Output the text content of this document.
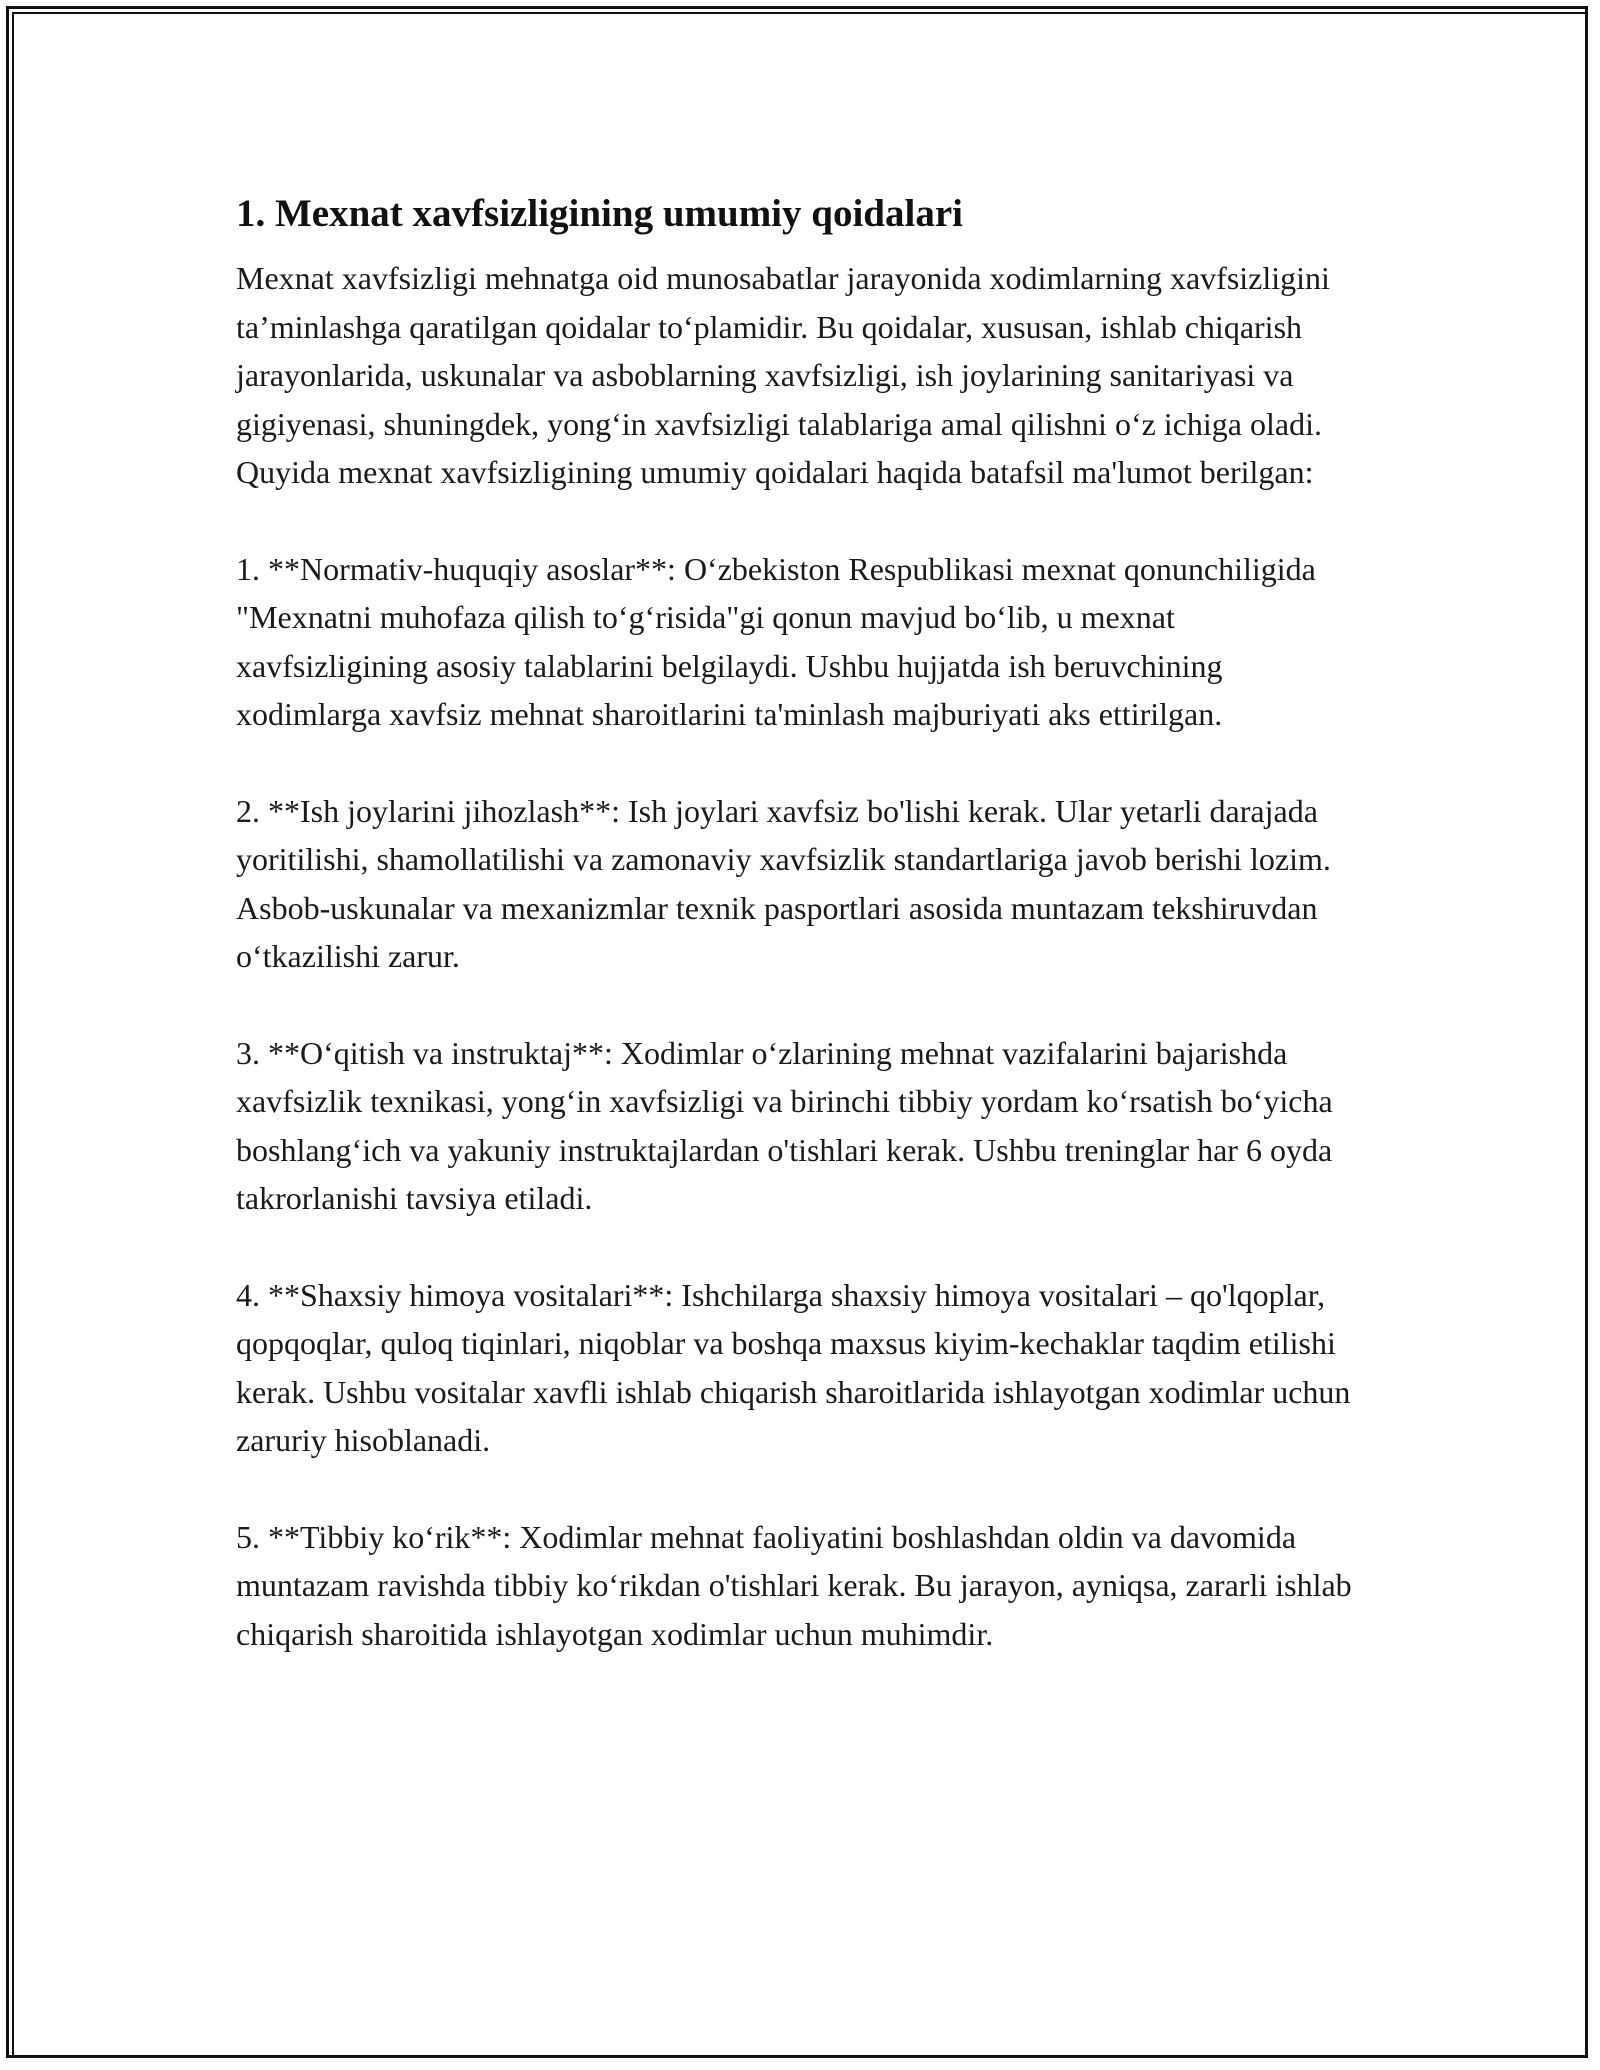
1. Mexnat xavfsizligining umumiy qoidalari

Mexnat xavfsizligi mehnatga oid munosabatlar jarayonida xodimlarning xavfsizligini ta’minlashga qaratilgan qoidalar to‘plamidir. Bu qoidalar, xususan, ishlab chiqarish jarayonlarida, uskunalar va asboblarning xavfsizligi, ish joylarining sanitariyasi va gigiyenasi, shuningdek, yong‘in xavfsizligi talablariga amal qilishni o‘z ichiga oladi. Quyida mexnat xavfsizligining umumiy qoidalari haqida batafsil ma'lumot berilgan:

1. **Normativ-huquqiy asoslar**: O‘zbekiston Respublikasi mexnat qonunchiligida "Mexnatni muhofaza qilish to‘g‘risida"gi qonun mavjud bo‘lib, u mexnat xavfsizligining asosiy talablarini belgilaydi. Ushbu hujjatda ish beruvchining xodimlarga xavfsiz mehnat sharoitlarini ta'minlash majburiyati aks ettirilgan.

2. **Ish joylarini jihozlash**: Ish joylari xavfsiz bo'lishi kerak. Ular yetarli darajada yoritilishi, shamollatilishi va zamonaviy xavfsizlik standartlariga javob berishi lozim. Asbob-uskunalar va mexanizmlar texnik pasportlari asosida muntazam tekshiruvdan o‘tkazilishi zarur.

3. **O‘qitish va instruktaj**: Xodimlar o‘zlarining mehnat vazifalarini bajarishda xavfsizlik texnikasi, yong‘in xavfsizligi va birinchi tibbiy yordam ko‘rsatish bo‘yicha boshlang‘ich va yakuniy instruktajlardan o'tishlari kerak. Ushbu treninglar har 6 oyda takrorlanishi tavsiya etiladi.

4. **Shaxsiy himoya vositalari**: Ishchilarga shaxsiy himoya vositalari – qo'lqoplar, qopqoqlar, quloq tiqinlari, niqoblar va boshqa maxsus kiyim-kechaklar taqdim etilishi kerak. Ushbu vositalar xavfli ishlab chiqarish sharoitlarida ishlayotgan xodimlar uchun zaruriy hisoblanadi.

5. **Tibbiy ko‘rik**: Xodimlar mehnat faoliyatini boshlashdan oldin va davomida muntazam ravishda tibbiy ko‘rikdan o'tishlari kerak. Bu jarayon, ayniqsa, zararli ishlab chiqarish sharoitida ishlayotgan xodimlar uchun muhimdir.
